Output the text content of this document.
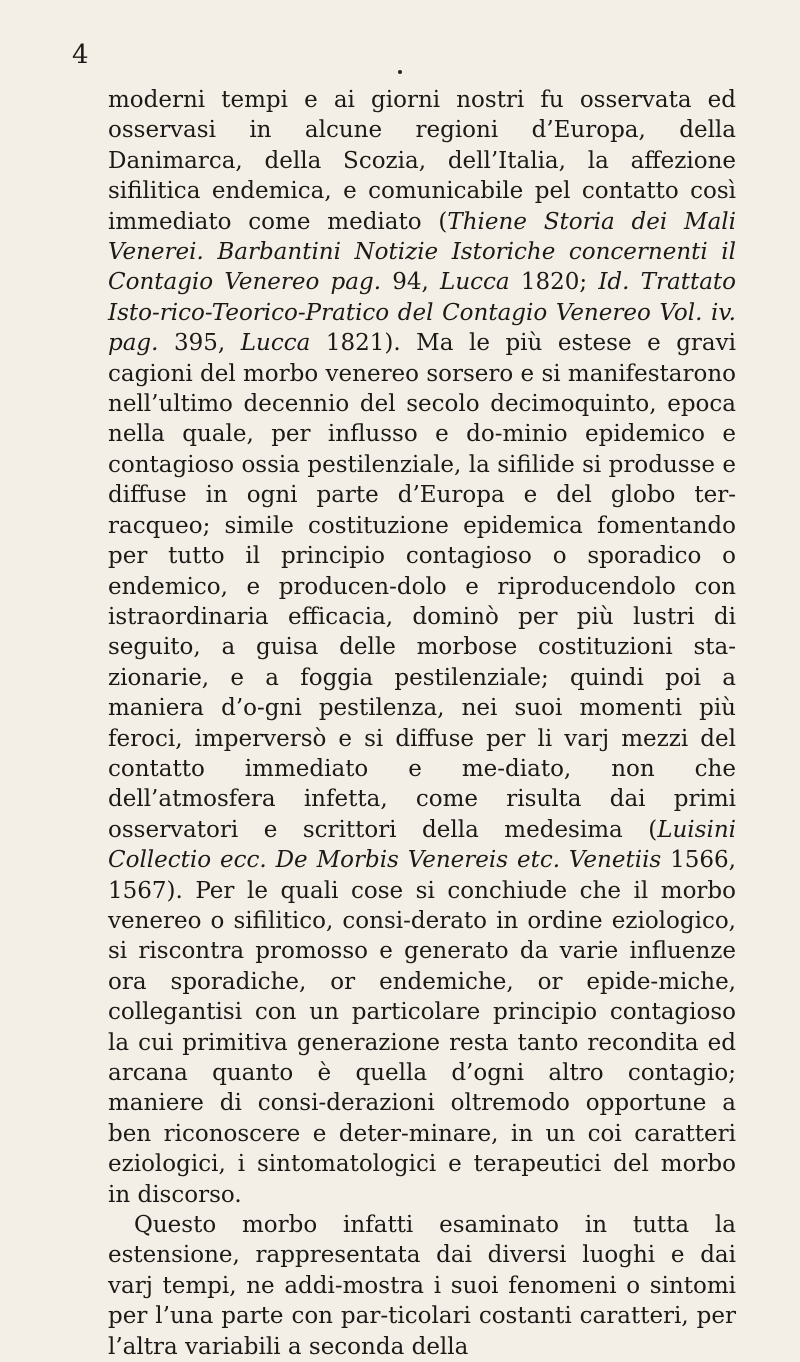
4

moderni tempi e ai giorni nostri fu osservata ed osservasi in alcune regioni d’Europa, della Danimarca, della Scozia, dell’Italia, la affezione sifilitica endemica, e comunicabile pel contatto così immediato come mediato (Thiene Storia dei Mali Venerei. Barbantini Notizie Istoriche concernenti il Contagio Venereo pag. 94, Lucca 1820; Id. Trattato Isto-rico-Teorico-Pratico del Contagio Venereo Vol. iv. pag. 395, Lucca 1821). Ma le più estese e gravi cagioni del morbo venereo sorsero e si manifestarono nell’ultimo decennio del secolo decimoquinto, epoca nella quale, per influsso e do-minio epidemico e contagioso ossia pestilenziale, la sifilide si produsse e diffuse in ogni parte d’Europa e del globo ter-racqueo; simile costituzione epidemica fomentando per tutto il principio contagioso o sporadico o endemico, e producen-dolo e riproducendolo con istraordinaria efficacia, dominò per più lustri di seguito, a guisa delle morbose costituzioni sta-zionarie, e a foggia pestilenziale; quindi poi a maniera d’o-gni pestilenza, nei suoi momenti più feroci, imperversò e si diffuse per li varj mezzi del contatto immediato e me-diato, non che dell’atmosfera infetta, come risulta dai primi osservatori e scrittori della medesima (Luisini Collectio ecc. De Morbis Venereis etc. Venetiis 1566, 1567). Per le quali cose si conchiude che il morbo venereo o sifilitico, consi-derato in ordine eziologico, si riscontra promosso e generato da varie influenze ora sporadiche, or endemiche, or epide-miche, collegantisi con un particolare principio contagioso la cui primitiva generazione resta tanto recondita ed arcana quanto è quella d’ogni altro contagio; maniere di consi-derazioni oltremodo opportune a ben riconoscere e deter-minare, in un coi caratteri eziologici, i sintomatologici e terapeutici del morbo in discorso.

Questo morbo infatti esaminato in tutta la estensione, rappresentata dai diversi luoghi e dai varj tempi, ne addi-mostra i suoi fenomeni o sintomi per l’una parte con par-ticolari costanti caratteri, per l’altra variabili a seconda della
